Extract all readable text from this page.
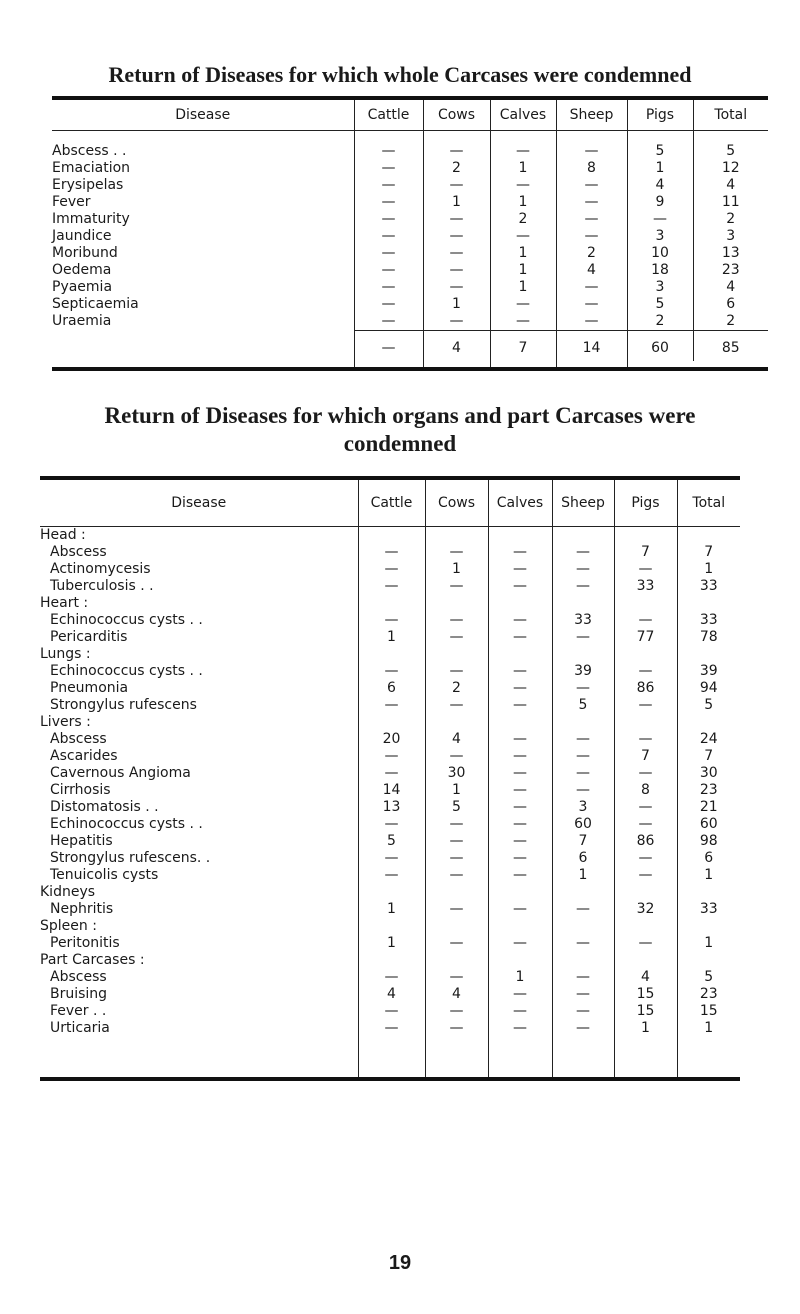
Return of Diseases for which whole Carcases were condemned
Disease	Cattle	Cows	Calves	Sheep	Pigs	Total
Abscess . .	—	—	—	—	5	5
Emaciation	—	2	1	8	1	12
Erysipelas	—	—	—	—	4	4
Fever	—	1	1	—	9	11
Immaturity	—	—	2	—	—	2
Jaundice	—	—	—	—	3	3
Moribund	—	—	1	2	10	13
Oedema	—	—	1	4	18	23
Pyaemia	—	—	1	—	3	4
Septicaemia	—	1	—	—	5	6
Uraemia	—	—	—	—	2	2
	—	4	7	14	60	85

Return of Diseases for which organs and part Carcases were
condemned
Disease	Cattle	Cows	Calves	Sheep	Pigs	Total
Head :						
Abscess	—	—	—	—	7	7
Actinomycesis	—	1	—	—	—	1
Tuberculosis . .	—	—	—	—	33	33
Heart :						
Echinococcus cysts . .	—	—	—	33	—	33
Pericarditis	1	—	—	—	77	78
Lungs :						
Echinococcus cysts . .	—	—	—	39	—	39
Pneumonia	6	2	—	—	86	94
Strongylus rufescens	—	—	—	5	—	5
Livers :						
Abscess	20	4	—	—	—	24
Ascarides	—	—	—	—	7	7
Cavernous Angioma	—	30	—	—	—	30
Cirrhosis	14	1	—	—	8	23
Distomatosis . .	13	5	—	3	—	21
Echinococcus cysts . .	—	—	—	60	—	60
Hepatitis	5	—	—	7	86	98
Strongylus rufescens. .	—	—	—	6	—	6
Tenuicolis cysts	—	—	—	1	—	1
Kidneys						
Nephritis	1	—	—	—	32	33
Spleen :						
Peritonitis	1	—	—	—	—	1
Part Carcases :						
Abscess	—	—	1	—	4	5
Bruising	4	4	—	—	15	23
Fever . .	—	—	—	—	15	15
Urticaria	—	—	—	—	1	1

19
